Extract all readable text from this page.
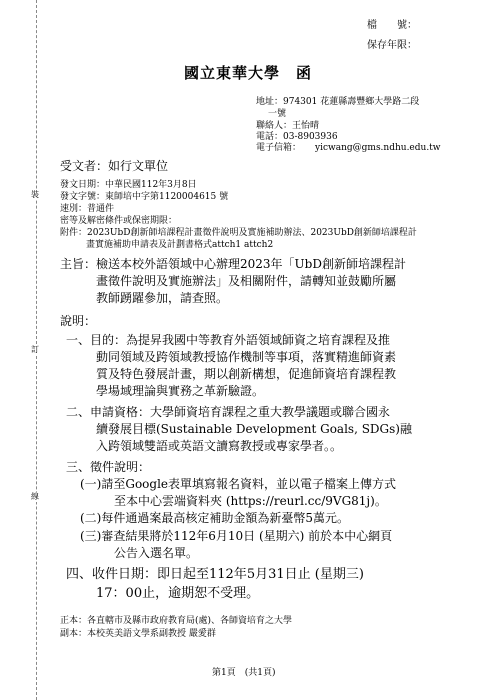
裝
訂
線
檔　　號：
保存年限：
國立東華大學　函
地址：974301 花蓮縣壽豐鄉大學路二段
一號
聯絡人：王怡晴
電話：03-8903936
電子信箱： yicwang@gms.ndhu.edu.tw
受文者：如行文單位
發文日期：中華民國112年3月8日
發文字號：東師培中字第1120004615 號
速別：普通件
密等及解密條件或保密期限：
附件：2023UbD創新師培課程計畫徵件說明及實施補助辦法、2023UbD創新師培課程計
畫實施補助申請表及計劃書格式attch1 attch2
主旨： 檢送本校外語領域中心辦理2023年「UbD創新師培課程計
畫徵件說明及實施辦法」及相關附件，請轉知並鼓勵所屬
教師踴躍參加，請查照。
說明：
一、目的：為提昇我國中等教育外語領域師資之培育課程及推
動同領域及跨領域教授協作機制等事項，落實精進師資素
質及特色發展計畫，期以創新構想，促進師資培育課程教
學場域理論與實務之革新驗證。
二、申請資格：大學師資培育課程之重大教學議題或聯合國永
續發展目標(Sustainable Development Goals, SDGs)融
入跨領域雙語或英語文讀寫教授或專家學者。。
三、徵件說明：
(一)請至Google表單填寫報名資料，並以電子檔案上傳方式
至本中心雲端資料夾 (https://reurl.cc/9VG81j)。
(二)每件通過案最高核定補助金額為新臺幣5萬元。
(三)審查結果將於112年6月10日 (星期六) 前於本中心網頁
公告入選名單。
四、收件日期：即日起至112年5月31日止 (星期三)
17：00止，逾期恕不受理。
正本：各直轄市及縣市政府教育局(處)、各師資培育之大學
副本：本校英美語文學系副教授 嚴愛群
第1頁　(共1頁)
